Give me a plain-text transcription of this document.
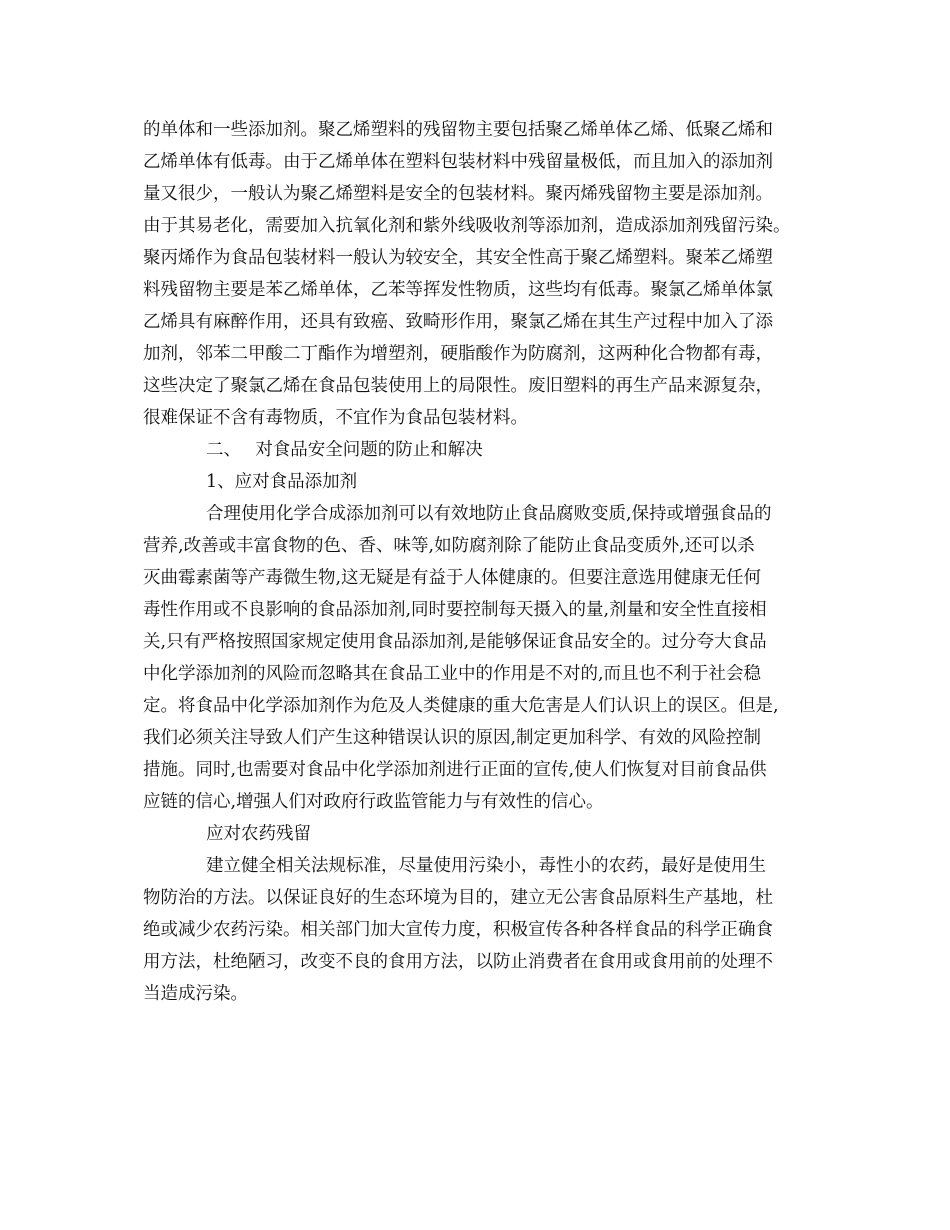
的单体和一些添加剂。聚乙烯塑料的残留物主要包括聚乙烯单体乙烯、低聚乙烯和
乙烯单体有低毒。由于乙烯单体在塑料包装材料中残留量极低，而且加入的添加剂
量又很少，一般认为聚乙烯塑料是安全的包装材料。聚丙烯残留物主要是添加剂。
由于其易老化，需要加入抗氧化剂和紫外线吸收剂等添加剂，造成添加剂残留污染。
聚丙烯作为食品包装材料一般认为较安全，其安全性高于聚乙烯塑料。聚苯乙烯塑
料残留物主要是苯乙烯单体，乙苯等挥发性物质，这些均有低毒。聚氯乙烯单体氯
乙烯具有麻醉作用，还具有致癌、致畸形作用，聚氯乙烯在其生产过程中加入了添
加剂，邻苯二甲酸二丁酯作为增塑剂，硬脂酸作为防腐剂，这两种化合物都有毒，
这些决定了聚氯乙烯在食品包装使用上的局限性。废旧塑料的再生产品来源复杂，
很难保证不含有毒物质，不宜作为食品包装材料。
二、　 对食品安全问题的防止和解决
1、应对食品添加剂
合理使用化学合成添加剂可以有效地防止食品腐败变质,保持或增强食品的
营养,改善或丰富食物的色、香、味等,如防腐剂除了能防止食品变质外,还可以杀
灭曲霉素菌等产毒微生物,这无疑是有益于人体健康的。但要注意选用健康无任何
毒性作用或不良影响的食品添加剂,同时要控制每天摄入的量,剂量和安全性直接相
关,只有严格按照国家规定使用食品添加剂,是能够保证食品安全的。过分夸大食品
中化学添加剂的风险而忽略其在食品工业中的作用是不对的,而且也不利于社会稳
定。将食品中化学添加剂作为危及人类健康的重大危害是人们认识上的误区。但是,
我们必须关注导致人们产生这种错误认识的原因,制定更加科学、有效的风险控制
措施。同时,也需要对食品中化学添加剂进行正面的宣传,使人们恢复对目前食品供
应链的信心,增强人们对政府行政监管能力与有效性的信心。
应对农药残留
建立健全相关法规标准，尽量使用污染小，毒性小的农药，最好是使用生
物防治的方法。以保证良好的生态环境为目的，建立无公害食品原料生产基地，杜
绝或减少农药污染。相关部门加大宣传力度，积极宣传各种各样食品的科学正确食
用方法，杜绝陋习，改变不良的食用方法，以防止消费者在食用或食用前的处理不
当造成污染。
